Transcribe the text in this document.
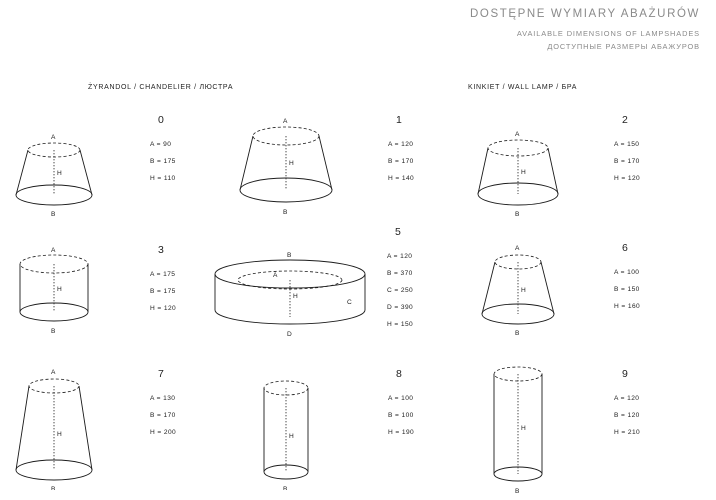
DOSTĘPNE WYMIARY ABAŻURÓW
AVAILABLE DIMENSIONS OF LAMPSHADES
ДОСТУПНЫЕ РАЗМЕРЫ АБАЖУРОВ
ŻYRANDOL / CHANDELIER / ЛЮСТРА	KINKIET / WALL LAMP / БРА
A
B
H
0
A = 90
B = 175
H = 110
A
B
H
1
A = 120
B = 170
H = 140
A
B
H
2
A = 150
B = 170
H = 120
A
B
H
3
A = 175
B = 175
H = 120
B
A
C
D
H
5
A = 120
B = 370
C = 250
D = 390
H = 150
A
B
H
6
A = 100
B = 150
H = 160
A
B
H
7
A = 130
B = 170
H = 200
B
H
8
A = 100
B = 100
H = 190
B
H
9
A = 120
B = 120
H = 210
